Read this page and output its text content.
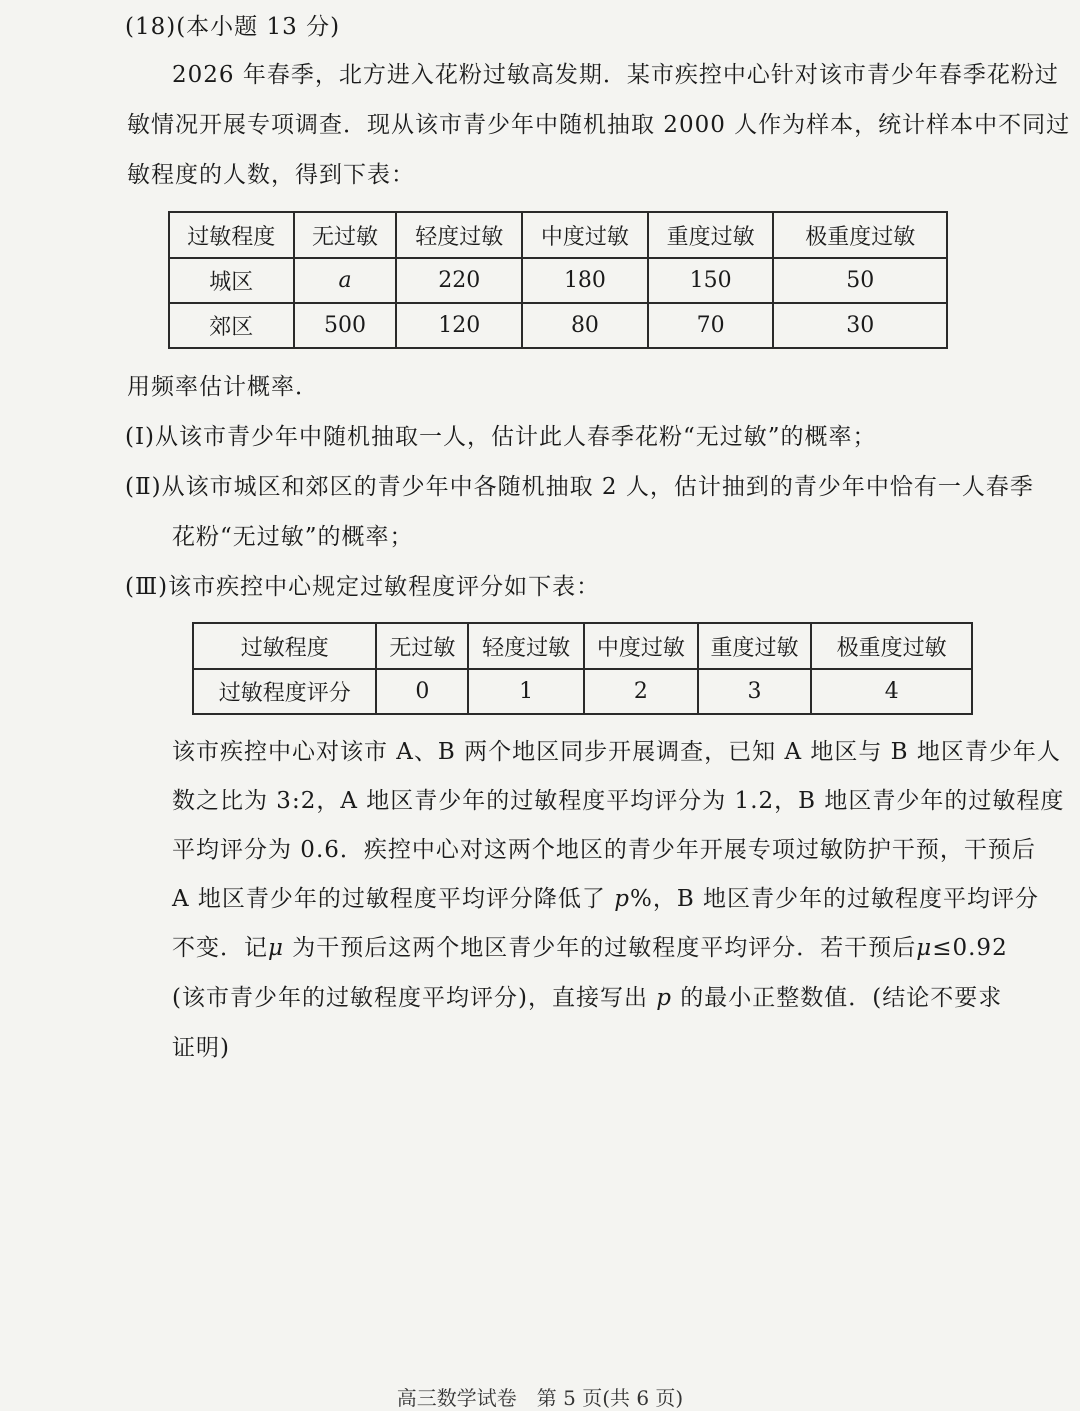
(18)(本小题 13 分)
2026 年春季，北方进入花粉过敏高发期．某市疾控中心针对该市青少年春季花粉过
敏情况开展专项调查．现从该市青少年中随机抽取 2000 人作为样本，统计样本中不同过
敏程度的人数，得到下表：
过敏程度	无过敏	轻度过敏	中度过敏	重度过敏	极重度过敏
城区	a	220	180	150	50
郊区	500	120	80	70	30
用频率估计概率．
(Ⅰ)从该市青少年中随机抽取一人，估计此人春季花粉“无过敏”的概率；
(Ⅱ)从该市城区和郊区的青少年中各随机抽取 2 人，估计抽到的青少年中恰有一人春季
花粉“无过敏”的概率；
(Ⅲ)该市疾控中心规定过敏程度评分如下表：
过敏程度	无过敏	轻度过敏	中度过敏	重度过敏	极重度过敏
过敏程度评分	0	1	2	3	4
该市疾控中心对该市 A、B 两个地区同步开展调查，已知 A 地区与 B 地区青少年人
数之比为 3:2，A 地区青少年的过敏程度平均评分为 1.2，B 地区青少年的过敏程度
平均评分为 0.6．疾控中心对这两个地区的青少年开展专项过敏防护干预，干预后
A 地区青少年的过敏程度平均评分降低了 p%，B 地区青少年的过敏程度平均评分
不变．记μ 为干预后这两个地区青少年的过敏程度平均评分．若干预后μ≤0.92
(该市青少年的过敏程度平均评分)，直接写出 p 的最小正整数值．(结论不要求
证明)
高三数学试卷　第 5 页(共 6 页)
